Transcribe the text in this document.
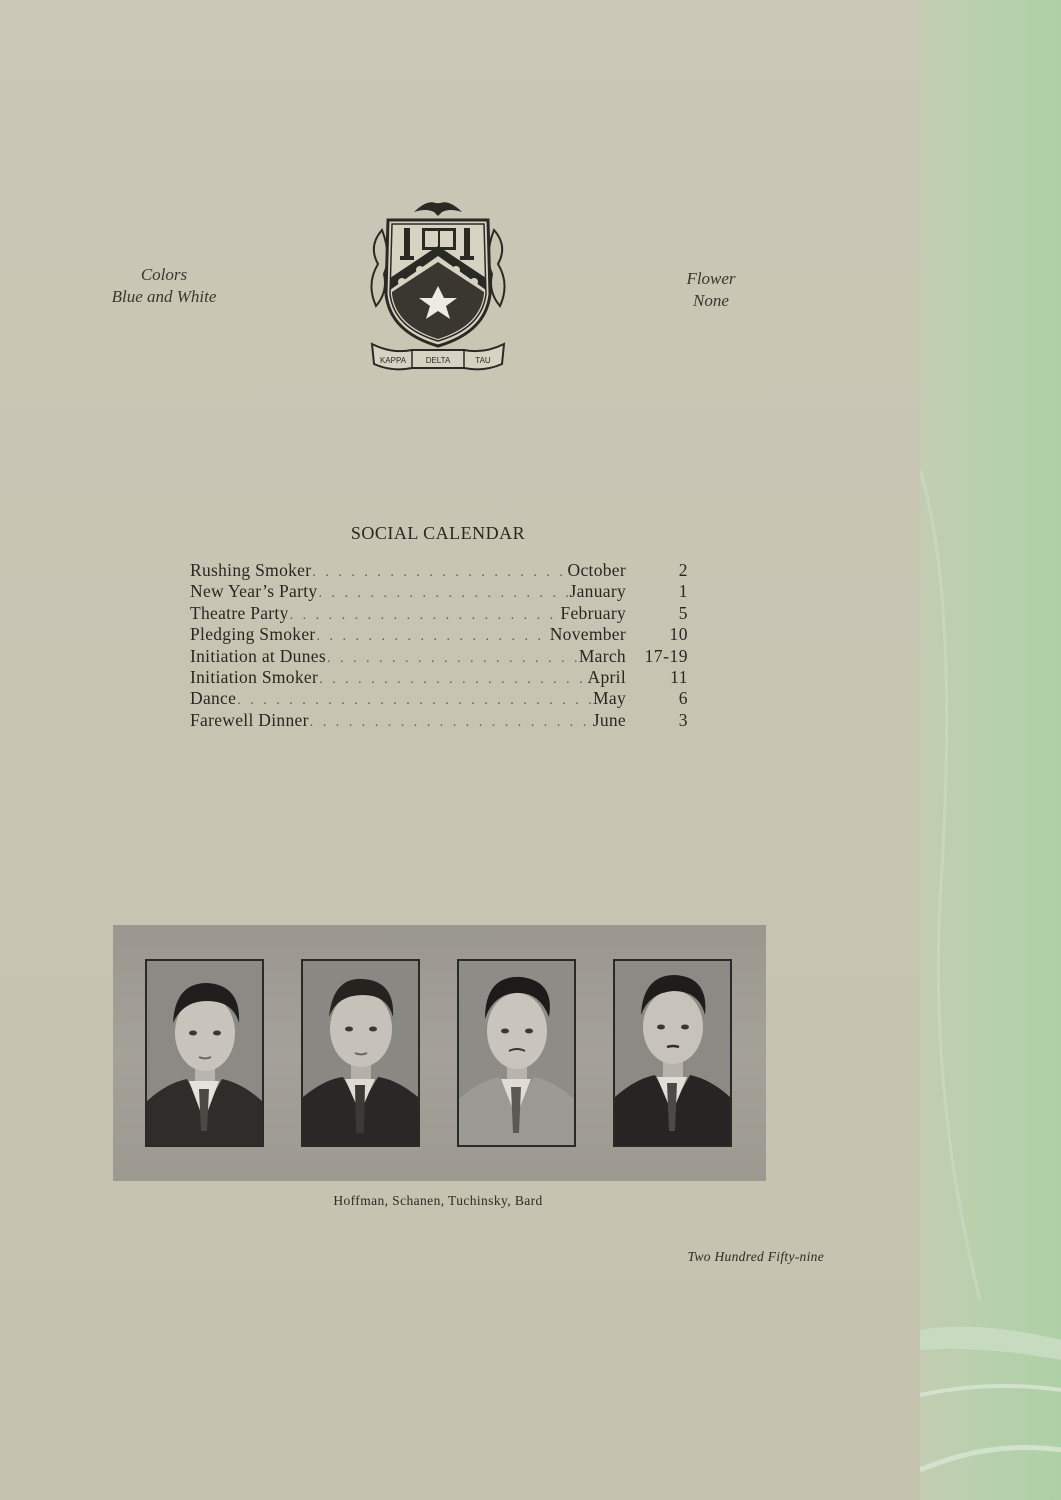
Colors
Blue and White
KAPPA DELTA	TAU
Flower
None
SOCIAL CALENDAR
Rushing Smoker . . .	October	2
New Year’s Party . . .	January	1
Theatre Party . . .	February	5
Pledging Smoker . . .	November	10
Initiation at Dunes . . .	March	17-19
Initiation Smoker . . .	April	11
Dance . . .	May	6
Farewell Dinner . . .	June	3
Hoffman, Schanen, Tuchinsky, Bard
Two Hundred Fifty-nine
